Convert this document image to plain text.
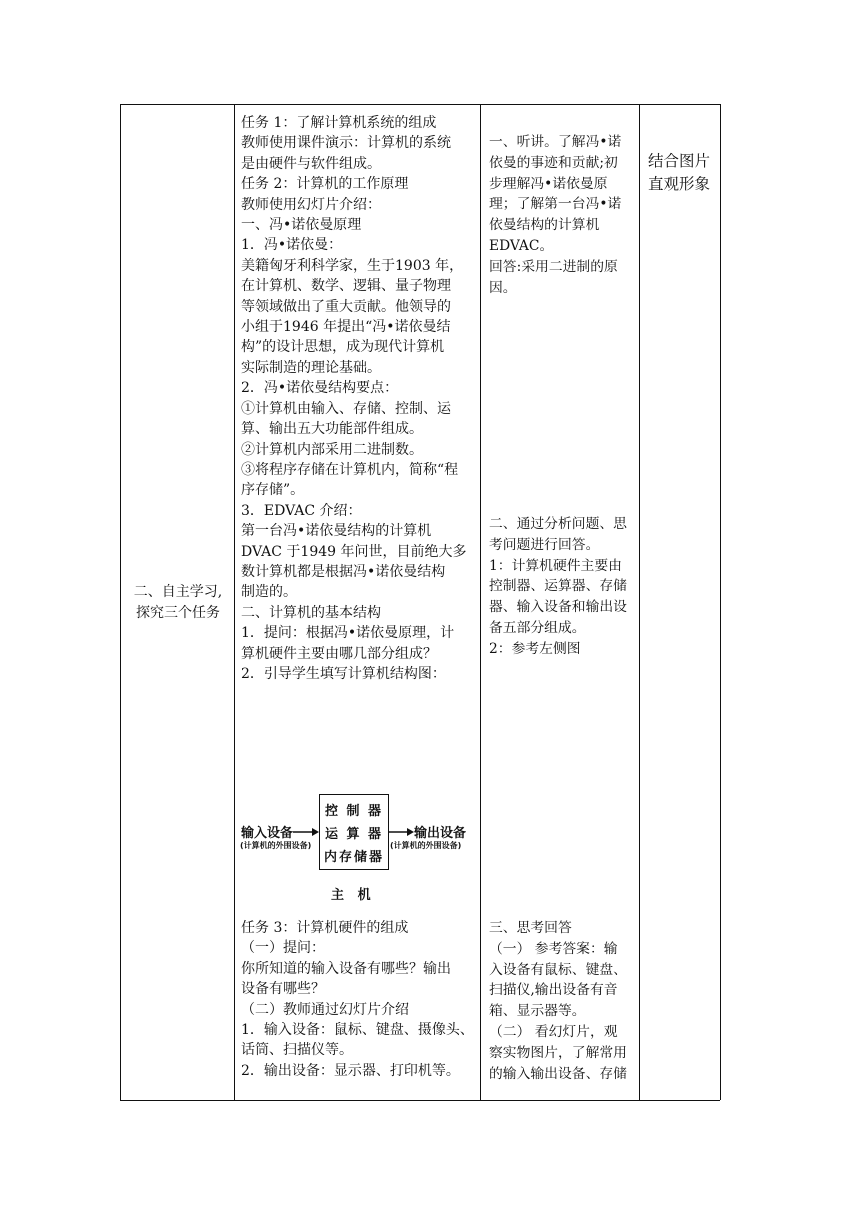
二、自主学习,
探究三个任务

任务 1：了解计算机系统的组成

教师使用课件演示：计算机的系统

是由硬件与软件组成。

任务 2：计算机的工作原理

教师使用幻灯片介绍：

一、冯•诺依曼原理

1．冯•诺依曼：

美籍匈牙利科学家，生于1903 年，

在计算机、数学、逻辑、量子物理

等领域做出了重大贡献。他领导的

小组于1946 年提出“冯•诺依曼结

构”的设计思想，成为现代计算机

实际制造的理论基础。

2．冯•诺依曼结构要点：

①计算机由输入、存储、控制、运

算、输出五大功能部件组成。

②计算机内部采用二进制数。

③将程序存储在计算机内，简称“程

序存储”。

3．EDVAC 介绍：

第一台冯•诺依曼结构的计算机

DVAC 于1949 年问世，目前绝大多

数计算机都是根据冯•诺依曼结构

制造的。

二、计算机的基本结构

1．提问：根据冯•诺依曼原理，计

算机硬件主要由哪几部分组成？

2．引导学生填写计算机结构图：

输入设备
(计算机的外围设备)
控 制 器
运 算 器
内存储器
输出设备
(计算机的外围设备)
主   机

任务 3：计算机硬件的组成

（一）提问：

你所知道的输入设备有哪些？输出

设备有哪些？

（二）教师通过幻灯片介绍

1．输入设备：鼠标、键盘、摄像头、

话筒、扫描仪等。

2．输出设备：显示器、打印机等。

一、听讲。了解冯•诺

依曼的事迹和贡献;初

步理解冯•诺依曼原

理；了解第一台冯•诺

依曼结构的计算机

EDVAC。

回答:采用二进制的原

因。

二、通过分析问题、思

考问题进行回答。

1：计算机硬件主要由

控制器、运算器、存储

器、输入设备和输出设

备五部分组成。

2：参考左侧图

三、思考回答

（一） 参考答案：输

入设备有鼠标、键盘、

扫描仪,输出设备有音

箱、显示器等。

（二） 看幻灯片，观

察实物图片，了解常用

的输入输出设备、存储

结合图片

直观形象
